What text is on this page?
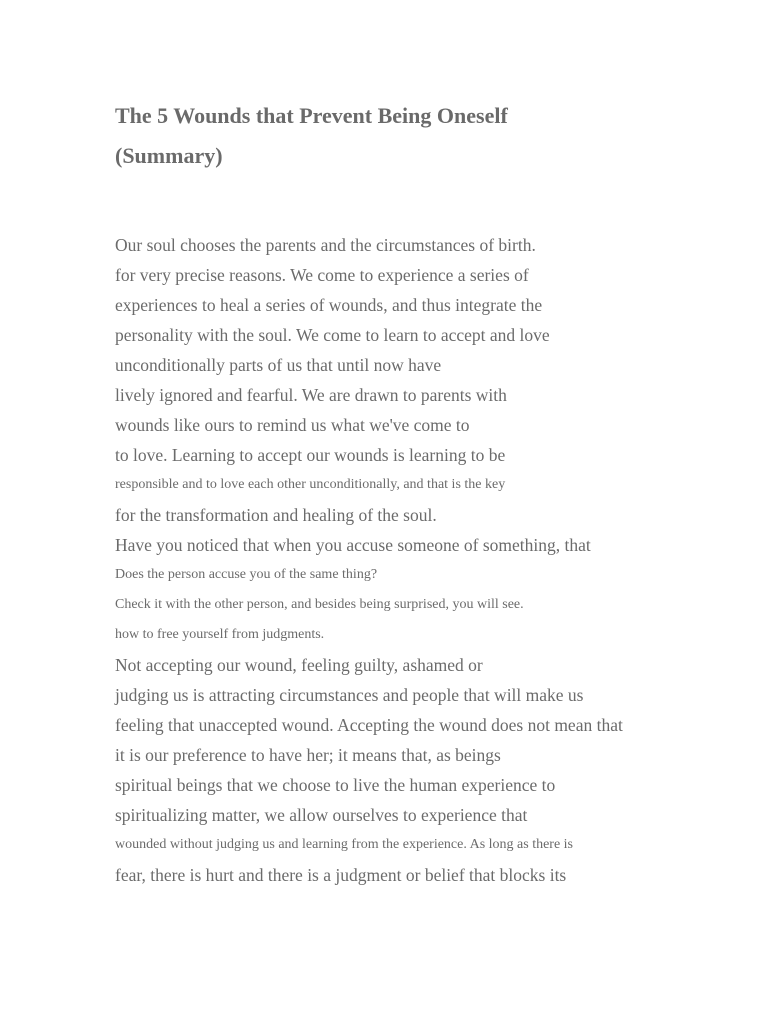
The 5 Wounds that Prevent Being Oneself
(Summary)
Our soul chooses the parents and the circumstances of birth.
for very precise reasons. We come to experience a series of
experiences to heal a series of wounds, and thus integrate the
personality with the soul. We come to learn to accept and love
unconditionally parts of us that until now have
lively ignored and fearful. We are drawn to parents with
wounds like ours to remind us what we've come to
to love. Learning to accept our wounds is learning to be
responsible and to love each other unconditionally, and that is the key
for the transformation and healing of the soul.
Have you noticed that when you accuse someone of something, that
Does the person accuse you of the same thing?
Check it with the other person, and besides being surprised, you will see.
how to free yourself from judgments.
Not accepting our wound, feeling guilty, ashamed or
judging us is attracting circumstances and people that will make us
feeling that unaccepted wound. Accepting the wound does not mean that
it is our preference to have her; it means that, as beings
spiritual beings that we choose to live the human experience to
spiritualizing matter, we allow ourselves to experience that
wounded without judging us and learning from the experience. As long as there is
fear, there is hurt and there is a judgment or belief that blocks its
